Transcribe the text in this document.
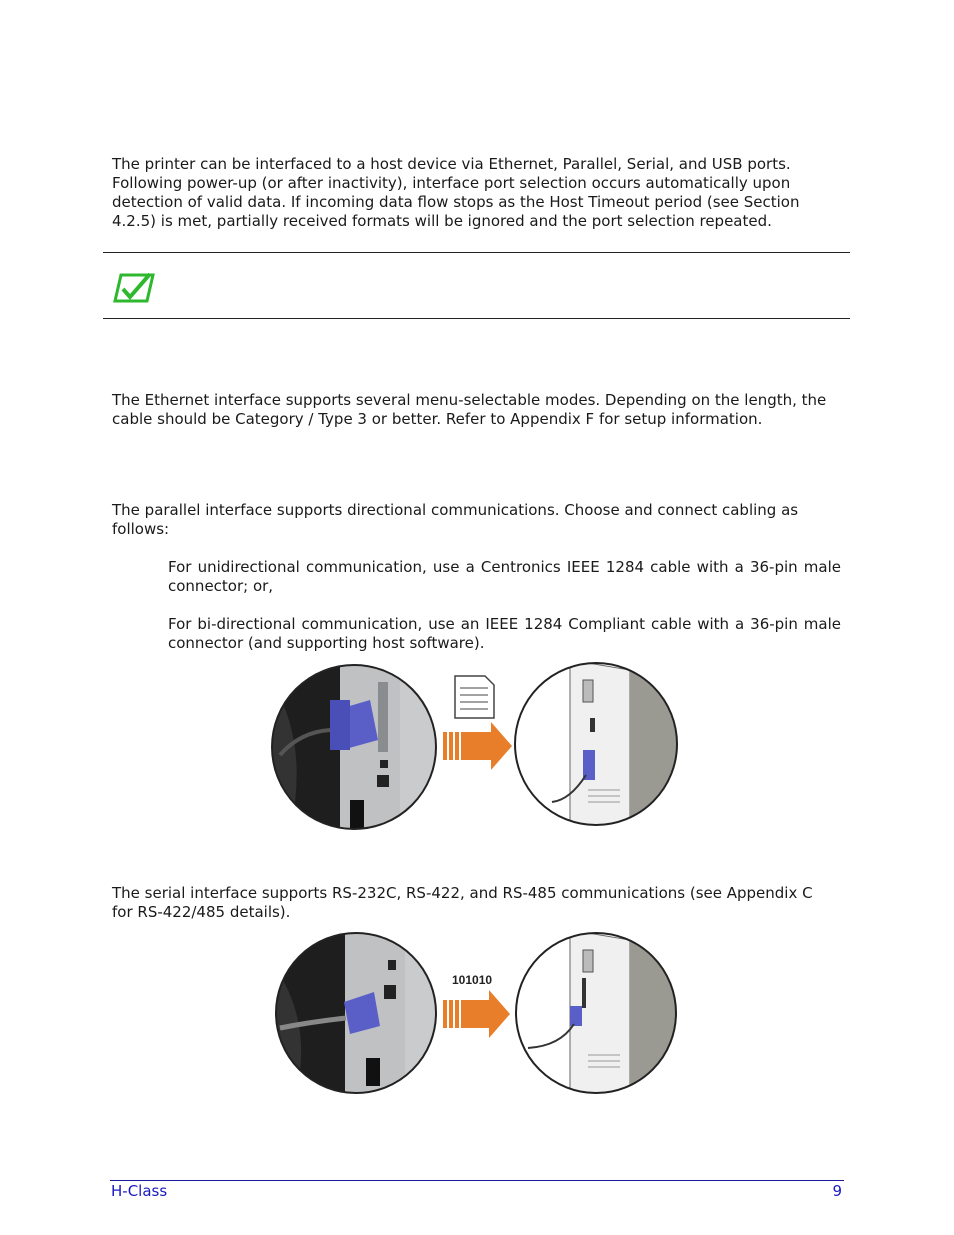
The printer can be interfaced to a host device via Ethernet, Parallel, Serial, and USB ports. Following power-up (or after inactivity), interface port selection occurs automatically upon detection of valid data. If incoming data flow stops as the Host Timeout period (see Section 4.2.5) is met, partially received formats will be ignored and the port selection repeated.

The Ethernet interface supports several menu-selectable modes. Depending on the length, the cable should be Category / Type 3 or better. Refer to Appendix F for setup information.

The parallel interface supports directional communications. Choose and connect cabling as follows:

For unidirectional communication, use a Centronics IEEE 1284 cable with a 36-pin male connector; or,

For bi-directional communication, use an IEEE 1284 Compliant cable with a 36-pin male connector (and supporting host software).

The serial interface supports RS-232C, RS-422, and RS-485 communications (see Appendix C for RS-422/485 details).

101010
H-Class	9
